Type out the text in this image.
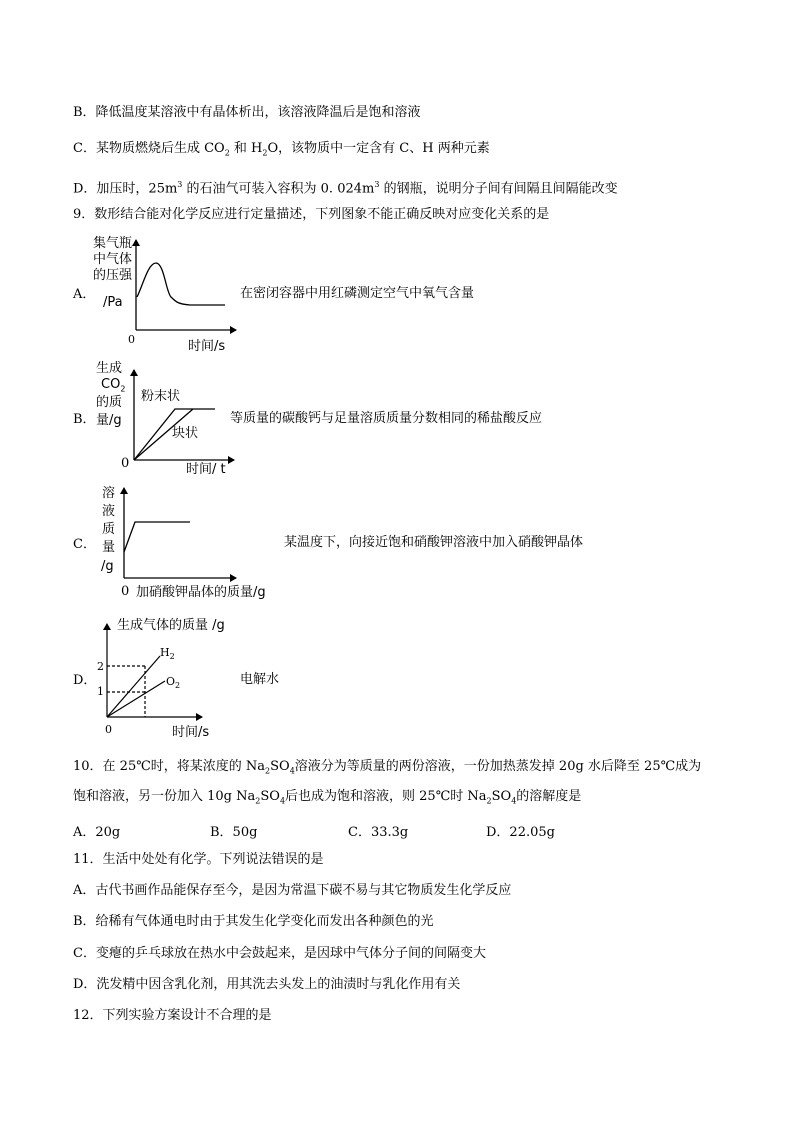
B．降低温度某溶液中有晶体析出，该溶液降温后是饱和溶液
C．某物质燃烧后生成 $CO_2$ 和 $H_2O$，该物质中一定含有 C、H 两种元素
D．加压时，$25m^3$ 的石油气可装入容积为 0. $024m^3$ 的钢瓶，说明分子间有间隔且间隔能改变
9．数形结合能对化学反应进行定量描述，下列图象不能正确反映对应变化关系的是
A．
集气瓶
中气体
的压强
/Pa
0	时间/s
在密闭容器中用红磷测定空气中氧气含量
B．
生成
$CO_2$
的质
量/g
粉末状
块状
0	时间/ t
等质量的碳酸钙与足量溶质质量分数相同的稀盐酸反应
C．
溶
液
质
量
/g
0 加硝酸钾晶体的质量/g
某温度下，向接近饱和硝酸钾溶液中加入硝酸钾晶体
D．
生成气体的质量 /g
2
1
0
$H_2$
$O_2$
时间/s
电解水
10．在 25℃时，将某浓度的 $Na_2SO_4$溶液分为等质量的两份溶液，一份加热蒸发掉 20g 水后降至 25℃成为
饱和溶液，另一份加入 10g $Na_2SO_4$后也成为饱和溶液，则 25℃时 $Na_2SO_4$的溶解度是
A．20g	B．50g	C．33.3g	D．22.05g
11．生活中处处有化学。下列说法错误的是
A．古代书画作品能保存至今，是因为常温下碳不易与其它物质发生化学反应
B．给稀有气体通电时由于其发生化学变化而发出各种颜色的光
C．变瘪的乒乓球放在热水中会鼓起来，是因球中气体分子间的间隔变大
D．洗发精中因含乳化剂，用其洗去头发上的油渍时与乳化作用有关
12．下列实验方案设计不合理的是
